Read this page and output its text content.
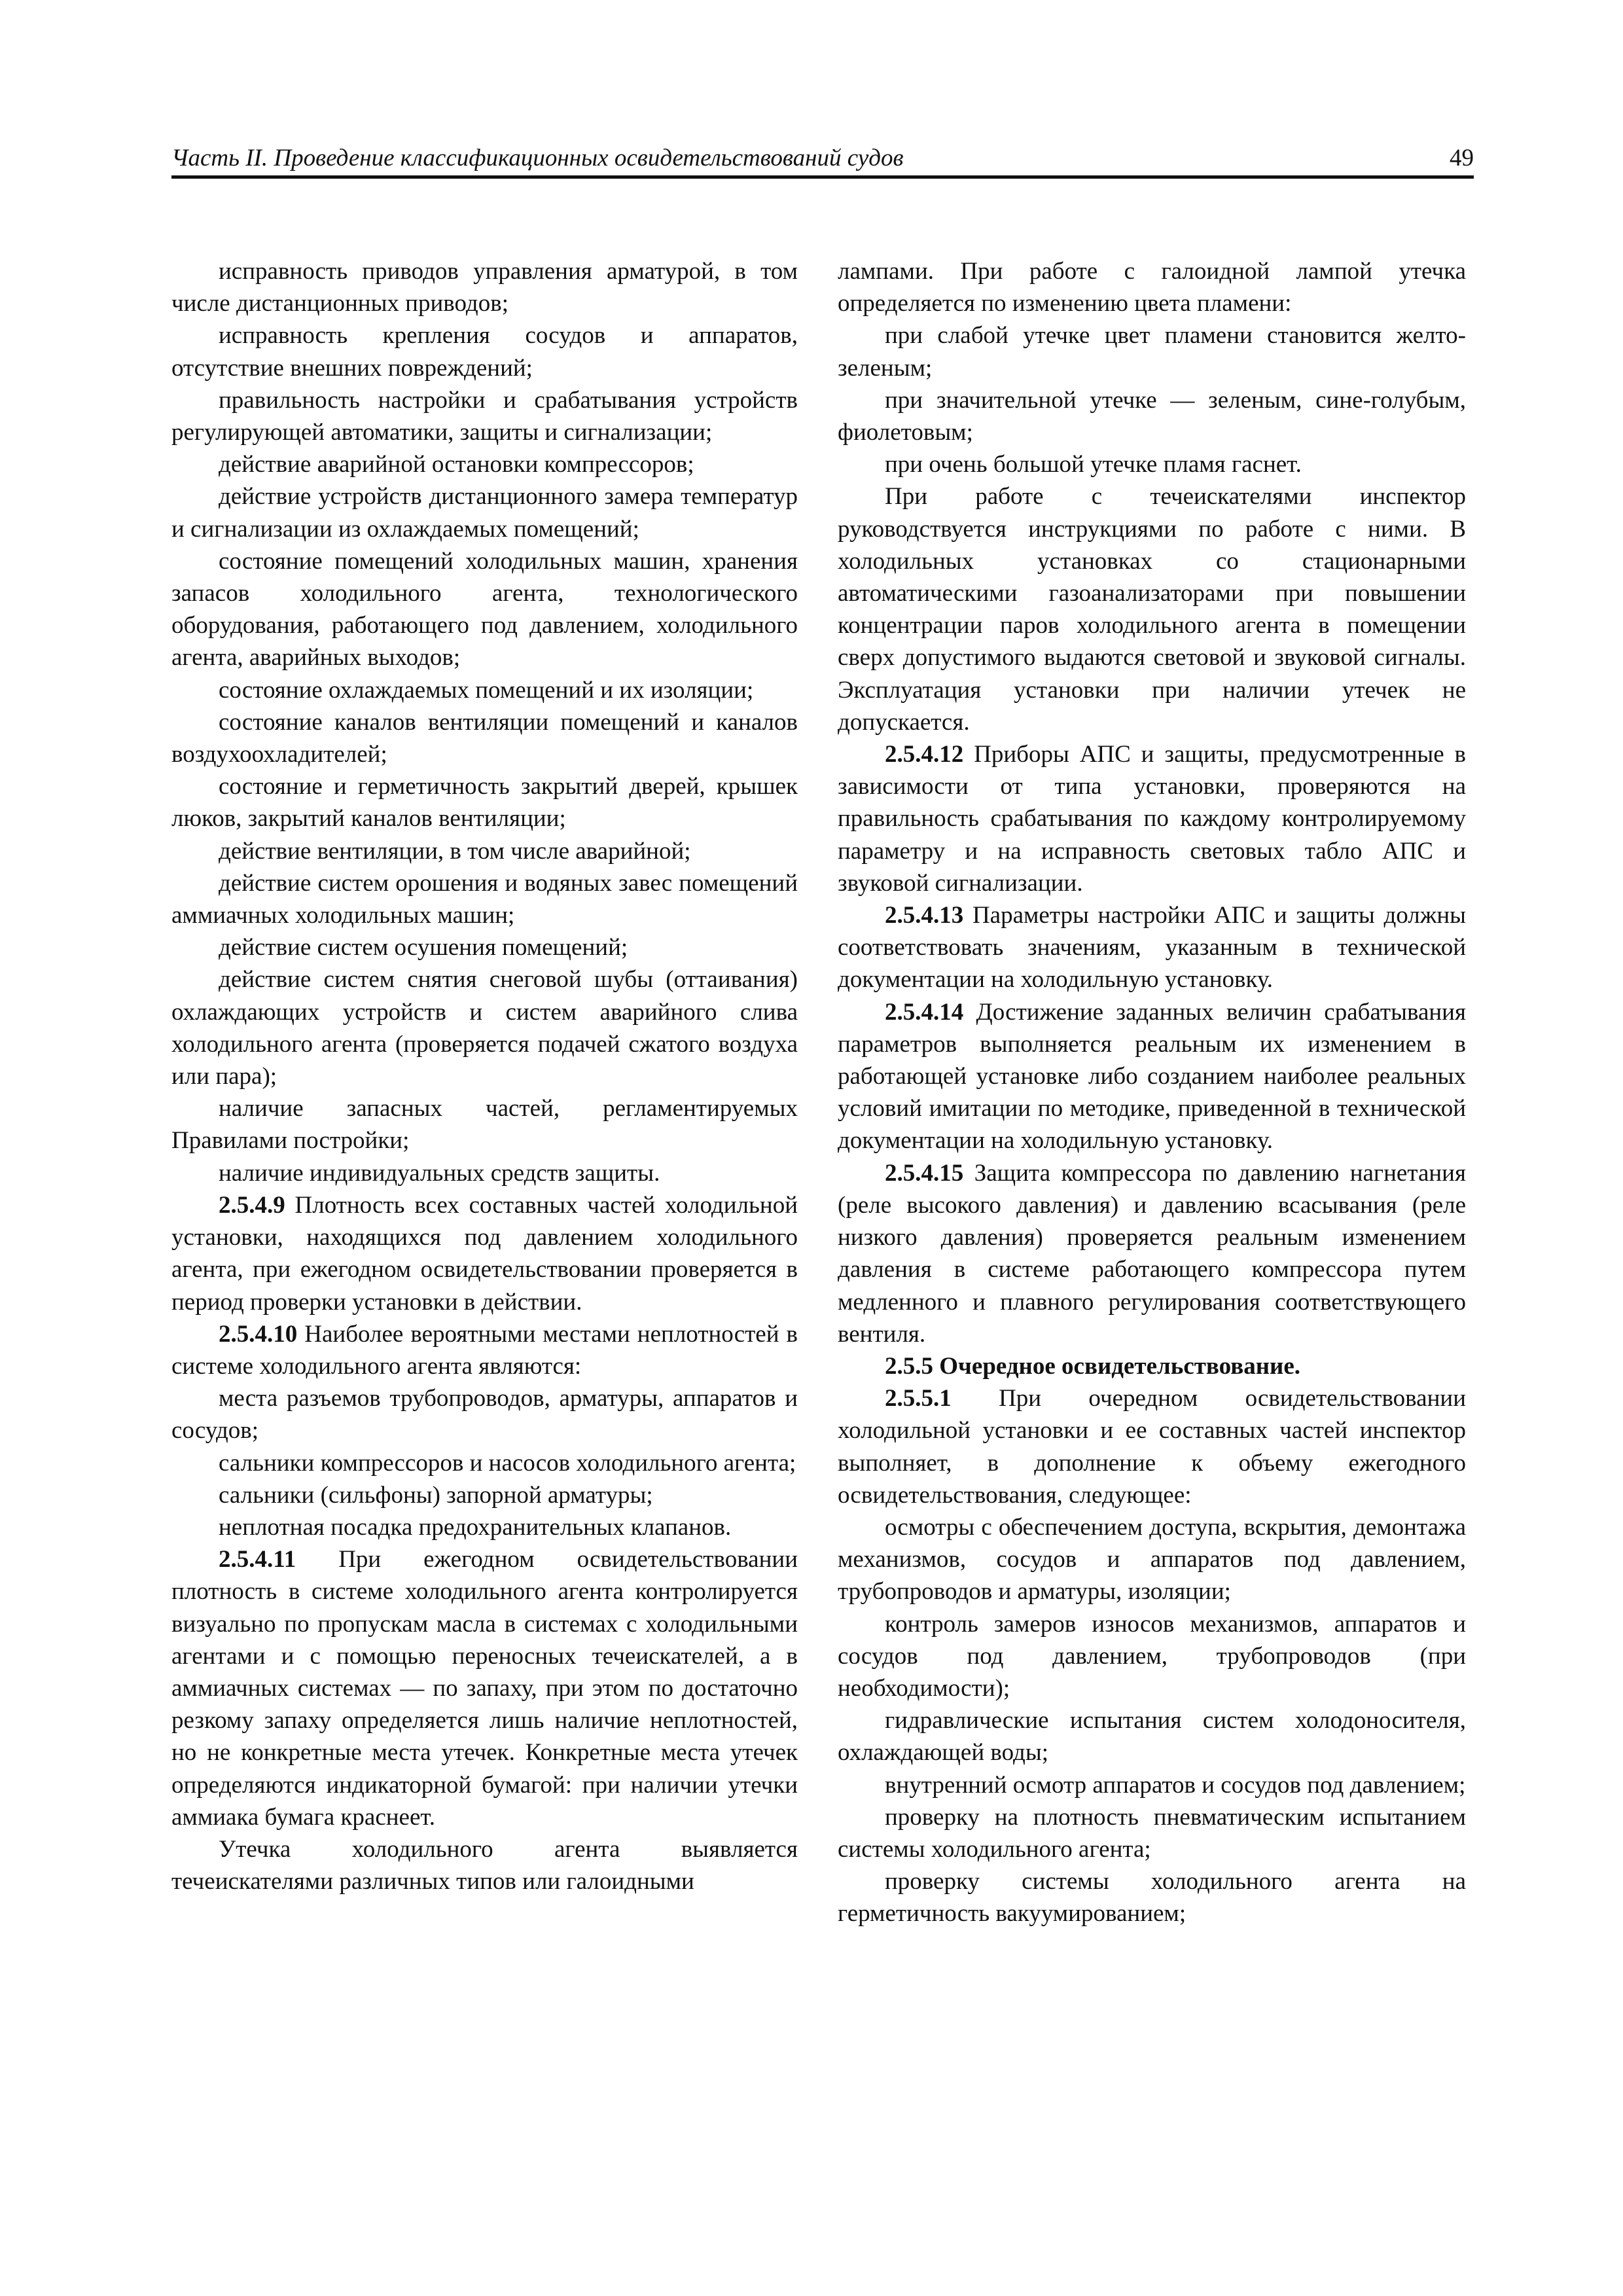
Часть II. Проведение классификационных освидетельствований судов	49

исправность приводов управления арматурой, в том числе дистанционных приводов;

исправность крепления сосудов и аппаратов, отсутствие внешних повреждений;

правильность настройки и срабатывания устройств регулирующей автоматики, защиты и сигнализации;

действие аварийной остановки компрессоров;

действие устройств дистанционного замера температур и сигнализации из охлаждаемых помещений;

состояние помещений холодильных машин, хранения запасов холодильного агента, технологического оборудования, работающего под давлением, холодильного агента, аварийных выходов;

состояние охлаждаемых помещений и их изоляции;

состояние каналов вентиляции помещений и каналов воздухоохладителей;

состояние и герметичность закрытий дверей, крышек люков, закрытий каналов вентиляции;

действие вентиляции, в том числе аварийной;

действие систем орошения и водяных завес помещений аммиачных холодильных машин;

действие систем осушения помещений;

действие систем снятия снеговой шубы (оттаивания) охлаждающих устройств и систем аварийного слива холодильного агента (проверяется подачей сжатого воздуха или пара);

наличие запасных частей, регламентируемых Правилами постройки;

наличие индивидуальных средств защиты.

2.5.4.9 Плотность всех составных частей холодильной установки, находящихся под давлением холодильного агента, при ежегодном освидетельствовании проверяется в период проверки установки в действии.

2.5.4.10 Наиболее вероятными местами неплотностей в системе холодильного агента являются:

места разъемов трубопроводов, арматуры, аппаратов и сосудов;

сальники компрессоров и насосов холодильного агента;

сальники (сильфоны) запорной арматуры;

неплотная посадка предохранительных клапанов.

2.5.4.11 При ежегодном освидетельствовании плотность в системе холодильного агента контролируется визуально по пропускам масла в системах с холодильными агентами и с помощью переносных течеискателей, а в аммиачных системах — по запаху, при этом по достаточно резкому запаху определяется лишь наличие неплотностей, но не конкретные места утечек. Конкретные места утечек определяются индикаторной бумагой: при наличии утечки аммиака бумага краснеет.

Утечка холодильного агента выявляется течеискателями различных типов или галоидными

лампами. При работе с галоидной лампой утечка определяется по изменению цвета пламени:

при слабой утечке цвет пламени становится желто-зеленым;

при значительной утечке — зеленым, сине-голубым, фиолетовым;

при очень большой утечке пламя гаснет.

При работе с течеискателями инспектор руководствуется инструкциями по работе с ними. В холодильных установках со стационарными автоматическими газоанализаторами при повышении концентрации паров холодильного агента в помещении сверх допустимого выдаются световой и звуковой сигналы. Эксплуатация установки при наличии утечек не допускается.

2.5.4.12 Приборы АПС и защиты, предусмотренные в зависимости от типа установки, проверяются на правильность срабатывания по каждому контролируемому параметру и на исправность световых табло АПС и звуковой сигнализации.

2.5.4.13 Параметры настройки АПС и защиты должны соответствовать значениям, указанным в технической документации на холодильную установку.

2.5.4.14 Достижение заданных величин срабатывания параметров выполняется реальным их изменением в работающей установке либо созданием наиболее реальных условий имитации по методике, приведенной в технической документации на холодильную установку.

2.5.4.15 Защита компрессора по давлению нагнетания (реле высокого давления) и давлению всасывания (реле низкого давления) проверяется реальным изменением давления в системе работающего компрессора путем медленного и плавного регулирования соответствующего вентиля.

2.5.5 Очередное освидетельствование.

2.5.5.1 При очередном освидетельствовании холодильной установки и ее составных частей инспектор выполняет, в дополнение к объему ежегодного освидетельствования, следующее:

осмотры с обеспечением доступа, вскрытия, демонтажа механизмов, сосудов и аппаратов под давлением, трубопроводов и арматуры, изоляции;

контроль замеров износов механизмов, аппаратов и сосудов под давлением, трубопроводов (при необходимости);

гидравлические испытания систем холодоносителя, охлаждающей воды;

внутренний осмотр аппаратов и сосудов под давлением;

проверку на плотность пневматическим испытанием системы холодильного агента;

проверку системы холодильного агента на герметичность вакуумированием;
